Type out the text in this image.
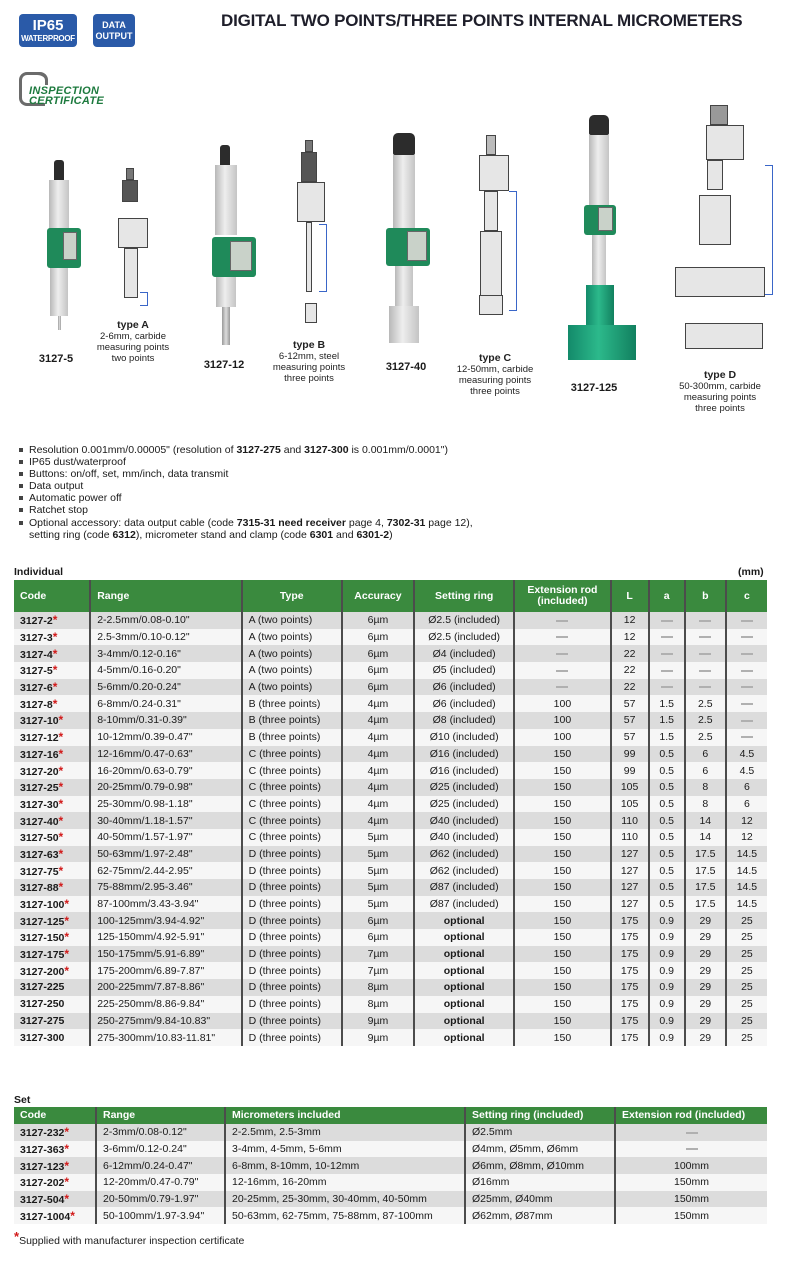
IP65
WATERPROOF
DATA
OUTPUT
DIGITAL TWO POINTS/THREE POINTS INTERNAL MICROMETERS
INSPECTION
CERTIFICATE
3127-5
type A
2-6mm, carbide
measuring points
two points
3127-12
type B
6-12mm, steel
measuring points
three points
3127-40
type C
12-50mm, carbide
measuring points
three points	3127-125
type D
50-300mm, carbide
measuring points
three points
Resolution 0.001mm/0.00005" (resolution of 3127-275 and 3127-300 is 0.001mm/0.0001")
IP65 dust/waterproof
Buttons: on/off, set, mm/inch, data transmit
Data output
Automatic power off
Ratchet stop
Optional accessory: data output cable (code 7315-31 need receiver page 4, 7302-31 page 12),
setting ring (code 6312), micrometer stand and clamp (code 6301 and 6301-2)
Individual	(mm)
Code	Range	Type	Accuracy	Setting ring	Extension rod (included)	L	a	b	c
3127-2*	2-2.5mm/0.08-0.10"	A (two points)	6µm	Ø2.5 (included)		12			
3127-3*	2.5-3mm/0.10-0.12"	A (two points)	6µm	Ø2.5 (included)		12			
3127-4*	3-4mm/0.12-0.16"	A (two points)	6µm	Ø4 (included)		22			
3127-5*	4-5mm/0.16-0.20"	A (two points)	6µm	Ø5 (included)		22			
3127-6*	5-6mm/0.20-0.24"	A (two points)	6µm	Ø6 (included)		22			
3127-8*	6-8mm/0.24-0.31"	B (three points)	4µm	Ø6 (included)	100	57	1.5	2.5	
3127-10*	8-10mm/0.31-0.39"	B (three points)	4µm	Ø8 (included)	100	57	1.5	2.5	
3127-12*	10-12mm/0.39-0.47"	B (three points)	4µm	Ø10 (included)	100	57	1.5	2.5	
3127-16*	12-16mm/0.47-0.63"	C (three points)	4µm	Ø16 (included)	150	99	0.5	6	4.5
3127-20*	16-20mm/0.63-0.79"	C (three points)	4µm	Ø16 (included)	150	99	0.5	6	4.5
3127-25*	20-25mm/0.79-0.98"	C (three points)	4µm	Ø25 (included)	150	105	0.5	8	6
3127-30*	25-30mm/0.98-1.18"	C (three points)	4µm	Ø25 (included)	150	105	0.5	8	6
3127-40*	30-40mm/1.18-1.57"	C (three points)	4µm	Ø40 (included)	150	110	0.5	14	12
3127-50*	40-50mm/1.57-1.97"	C (three points)	5µm	Ø40 (included)	150	110	0.5	14	12
3127-63*	50-63mm/1.97-2.48"	D (three points)	5µm	Ø62 (included)	150	127	0.5	17.5	14.5
3127-75*	62-75mm/2.44-2.95"	D (three points)	5µm	Ø62 (included)	150	127	0.5	17.5	14.5
3127-88*	75-88mm/2.95-3.46"	D (three points)	5µm	Ø87 (included)	150	127	0.5	17.5	14.5
3127-100*	87-100mm/3.43-3.94"	D (three points)	5µm	Ø87 (included)	150	127	0.5	17.5	14.5
3127-125*	100-125mm/3.94-4.92"	D (three points)	6µm	optional	150	175	0.9	29	25
3127-150*	125-150mm/4.92-5.91"	D (three points)	6µm	optional	150	175	0.9	29	25
3127-175*	150-175mm/5.91-6.89"	D (three points)	7µm	optional	150	175	0.9	29	25
3127-200*	175-200mm/6.89-7.87"	D (three points)	7µm	optional	150	175	0.9	29	25
3127-225	200-225mm/7.87-8.86"	D (three points)	8µm	optional	150	175	0.9	29	25
3127-250	225-250mm/8.86-9.84"	D (three points)	8µm	optional	150	175	0.9	29	25
3127-275	250-275mm/9.84-10.83"	D (three points)	9µm	optional	150	175	0.9	29	25
3127-300	275-300mm/10.83-11.81"	D (three points)	9µm	optional	150	175	0.9	29	25
Set
Code	Range	Micrometers included	Setting ring (included)	Extension rod (included)
3127-232*	2-3mm/0.08-0.12"	2-2.5mm, 2.5-3mm	Ø2.5mm	
3127-363*	3-6mm/0.12-0.24"	3-4mm, 4-5mm, 5-6mm	Ø4mm, Ø5mm, Ø6mm	
3127-123*	6-12mm/0.24-0.47"	6-8mm, 8-10mm, 10-12mm	Ø6mm, Ø8mm, Ø10mm	100mm
3127-202*	12-20mm/0.47-0.79"	12-16mm, 16-20mm	Ø16mm	150mm
3127-504*	20-50mm/0.79-1.97"	20-25mm, 25-30mm, 30-40mm, 40-50mm	Ø25mm, Ø40mm	150mm
3127-1004*	50-100mm/1.97-3.94"	50-63mm, 62-75mm, 75-88mm, 87-100mm	Ø62mm, Ø87mm	150mm
*Supplied with manufacturer inspection certificate
